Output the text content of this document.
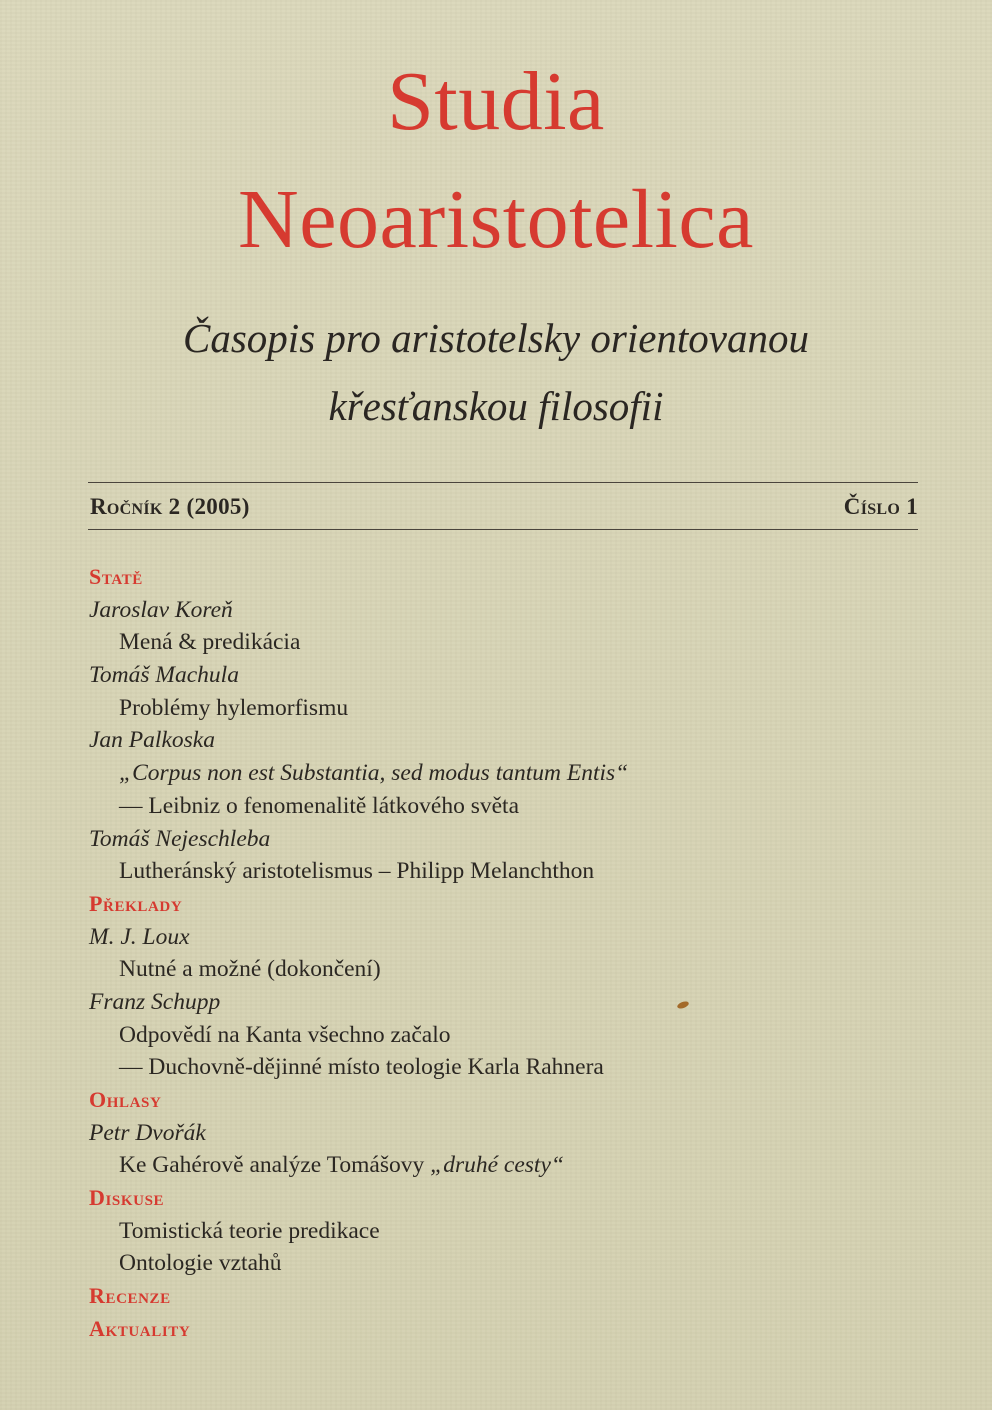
Studia
Neoaristotelica
Časopis pro aristotelsky orientovanou
křesťanskou filosofii
Ročník 2 (2005)	Číslo 1
Statě
Jaroslav Koreň
Mená & predikácia
Tomáš Machula
Problémy hylemorfismu
Jan Palkoska
„Corpus non est Substantia, sed modus tantum Entis“
— Leibniz o fenomenalitě látkového světa
Tomáš Nejeschleba
Lutheránský aristotelismus – Philipp Melanchthon
Překlady
M. J. Loux
Nutné a možné (dokončení)
Franz Schupp
Odpovědí na Kanta všechno začalo
— Duchovně-dějinné místo teologie Karla Rahnera
Ohlasy
Petr Dvořák
Ke Gahérově analýze Tomášovy „druhé cesty“
Diskuse
Tomistická teorie predikace
Ontologie vztahů
Recenze
Aktuality
